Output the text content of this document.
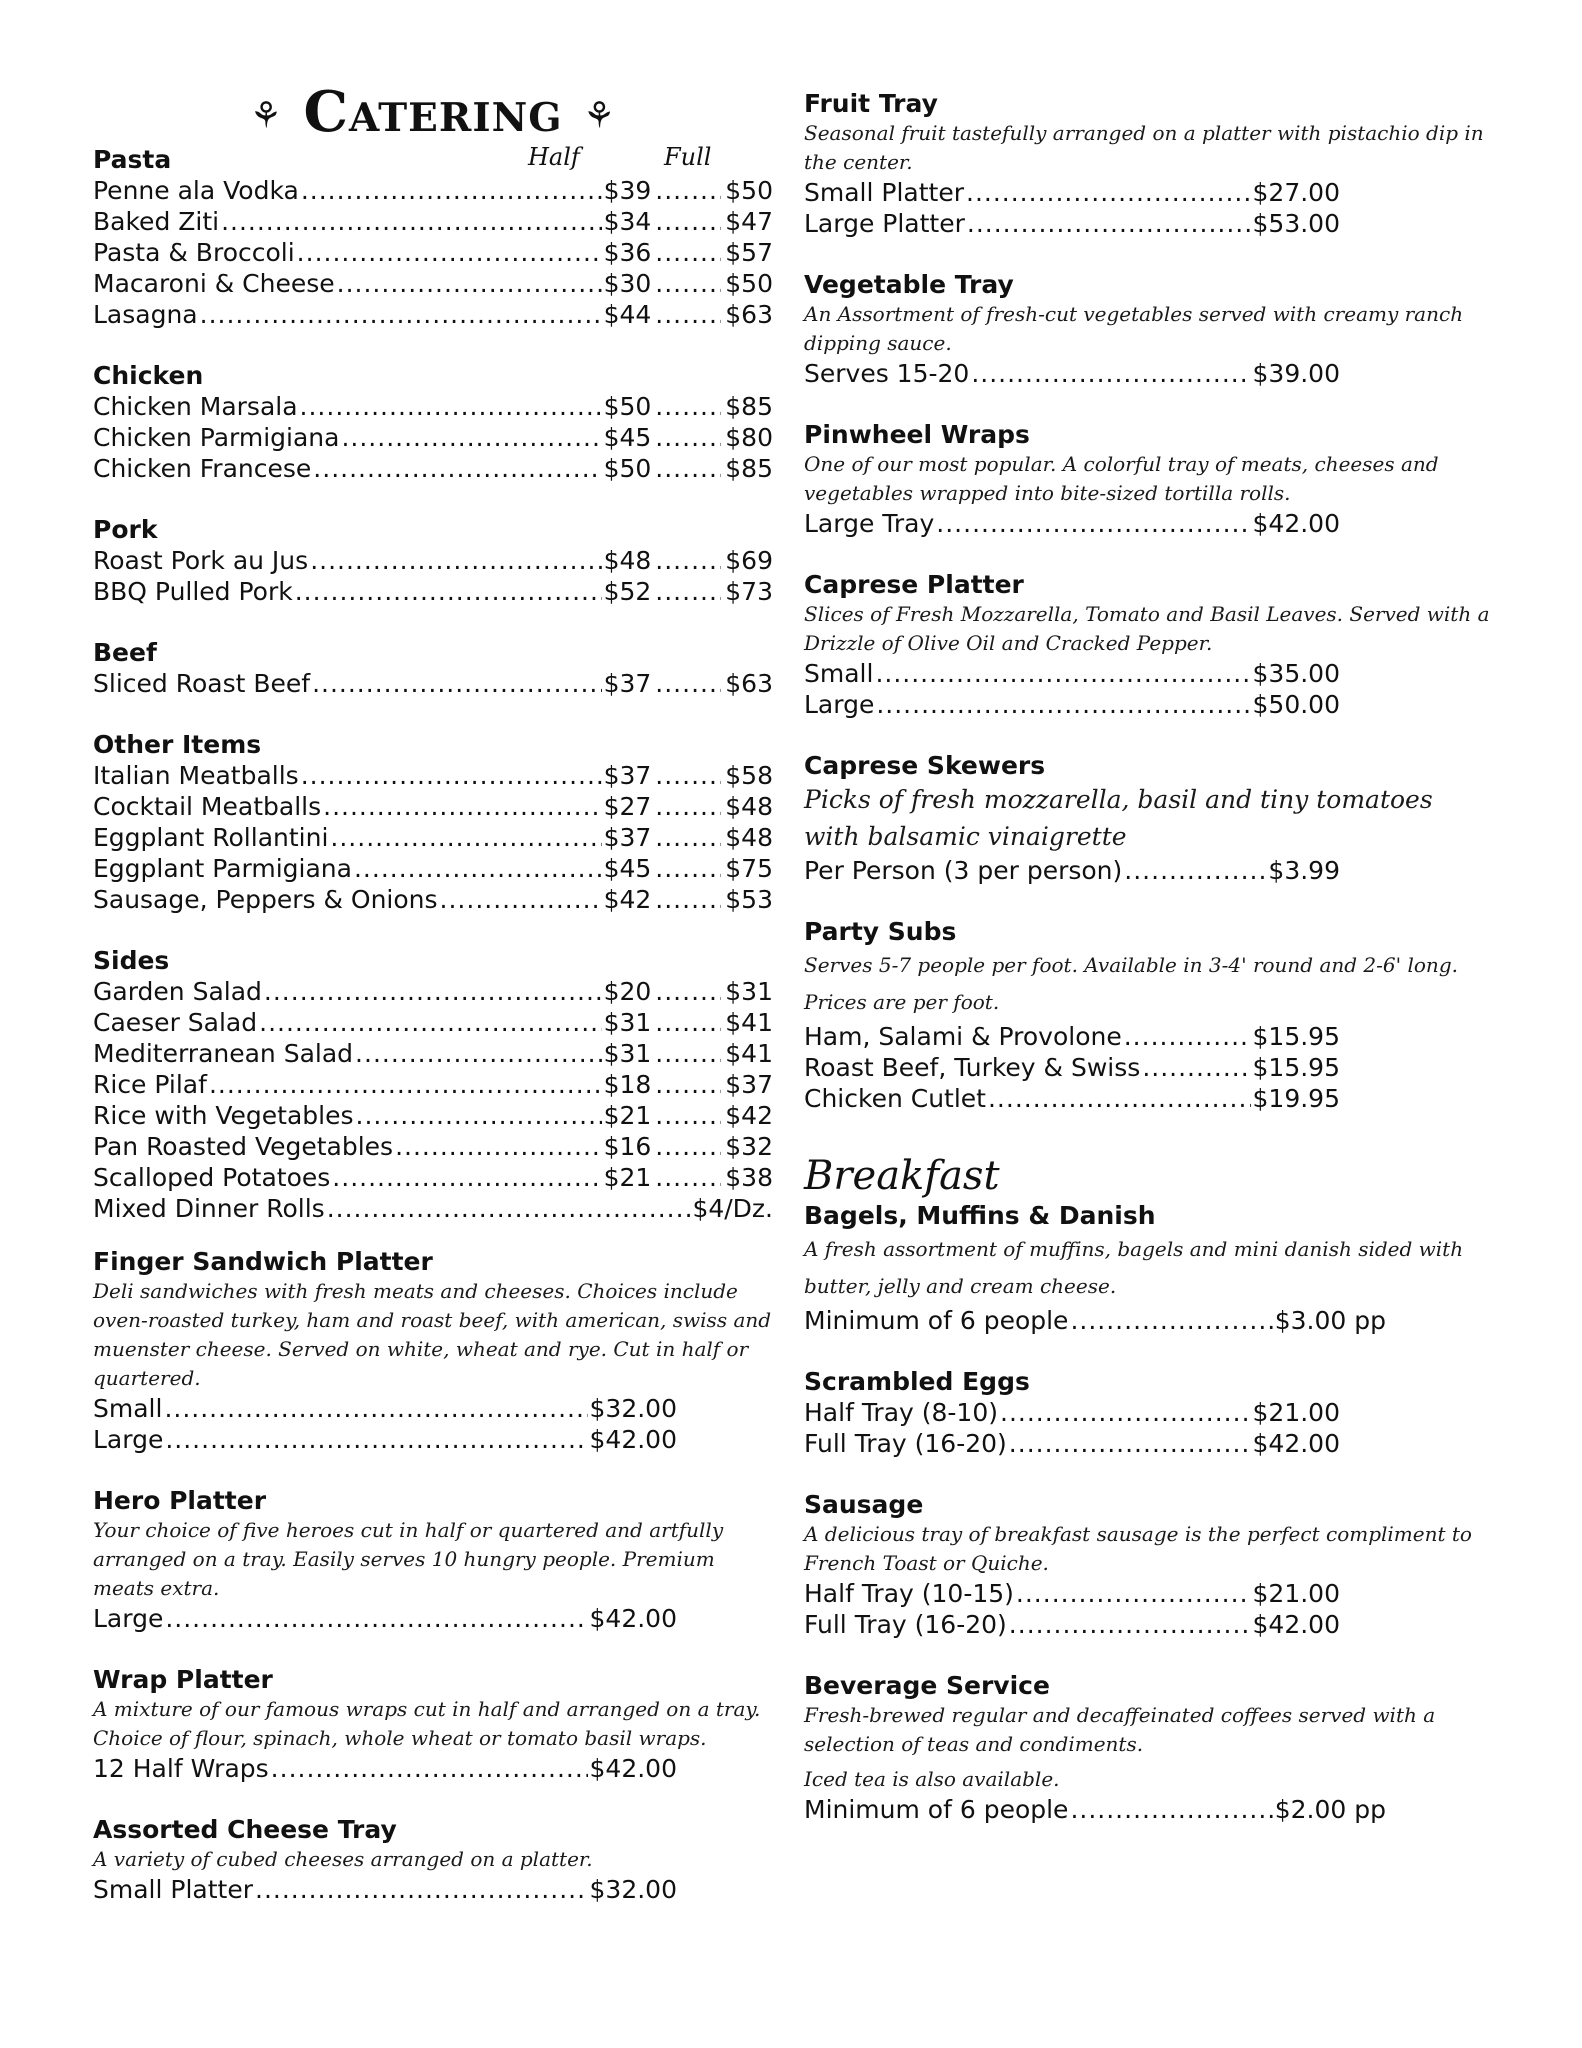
⚘ Catering ⚘
Pasta	Half	Full
Penne ala Vodka .....	$39 .....	$50
Baked Ziti .....	$34 .....	$47
Pasta & Broccoli .....	$36 .....	$57
Macaroni & Cheese .....	$30 .....	$50
Lasagna .....	$44 .....	$63
Chicken
Chicken Marsala .....	$50 .....	$85
Chicken Parmigiana .....	$45 .....	$80
Chicken Francese .....	$50 .....	$85
Pork
Roast Pork au Jus .....	$48 .....	$69
BBQ Pulled Pork .....	$52 .....	$73
Beef
Sliced Roast Beef .....	$37 .....	$63
Other Items
Italian Meatballs .....	$37 .....	$58
Cocktail Meatballs .....	$27 .....	$48
Eggplant Rollantini .....	$37 .....	$48
Eggplant Parmigiana .....	$45 .....	$75
Sausage, Peppers & Onions .....	$42 .....	$53
Sides
Garden Salad .....	$20 .....	$31
Caeser Salad .....	$31 .....	$41
Mediterranean Salad .....	$31 .....	$41
Rice Pilaf .....	$18 .....	$37
Rice with Vegetables .....	$21 .....	$42
Pan Roasted Vegetables .....	$16 .....	$32
Scalloped Potatoes .....	$21 .....	$38
Mixed Dinner Rolls .....	$4/Dz.
Finger Sandwich Platter
Deli sandwiches with fresh meats and cheeses. Choices include oven-roasted turkey, ham and roast beef, with american, swiss and muenster cheese. Served on white, wheat and rye. Cut in half or quartered.
Small .....	$32.00
Large .....	$42.00
Hero Platter
Your choice of five heroes cut in half or quartered and artfully arranged on a tray. Easily serves 10 hungry people. Premium meats extra.
Large .....	$42.00
Wrap Platter
A mixture of our famous wraps cut in half and arranged on a tray. Choice of flour, spinach, whole wheat or tomato basil wraps.
12 Half Wraps .....	$42.00
Assorted Cheese Tray
A variety of cubed cheeses arranged on a platter.
Small Platter .....	$32.00
Fruit Tray
Seasonal fruit tastefully arranged on a platter with pistachio dip in the center.
Small Platter .....	$27.00
Large Platter .....	$53.00
Vegetable Tray
An Assortment of fresh-cut vegetables served with creamy ranch dipping sauce.
Serves 15-20 .....	$39.00
Pinwheel Wraps
One of our most popular. A colorful tray of meats, cheeses and vegetables wrapped into bite-sized tortilla rolls.
Large Tray .....	$42.00
Caprese Platter
Slices of Fresh Mozzarella, Tomato and Basil Leaves. Served with a Drizzle of Olive Oil and Cracked Pepper.
Small .....	$35.00
Large .....	$50.00
Caprese Skewers
Picks of fresh mozzarella, basil and tiny tomatoes with balsamic vinaigrette
Per Person (3 per person) .....	$3.99
Party Subs
Serves 5-7 people per foot. Available in 3-4' round and 2-6' long. Prices are per foot.
Ham, Salami & Provolone .....	$15.95
Roast Beef, Turkey & Swiss .....	$15.95
Chicken Cutlet .....	$19.95
Breakfast
Bagels, Muffins & Danish
A fresh assortment of muffins, bagels and mini danish sided with butter, jelly and cream cheese.
Minimum of 6 people .....	$3.00 pp
Scrambled Eggs
Half Tray (8-10) .....	$21.00
Full Tray (16-20) .....	$42.00
Sausage
A delicious tray of breakfast sausage is the perfect compliment to French Toast or Quiche.
Half Tray (10-15) .....	$21.00
Full Tray (16-20) .....	$42.00
Beverage Service
Fresh-brewed regular and decaffeinated coffees served with a selection of teas and condiments.
Iced tea is also available.
Minimum of 6 people .....	$2.00 pp
